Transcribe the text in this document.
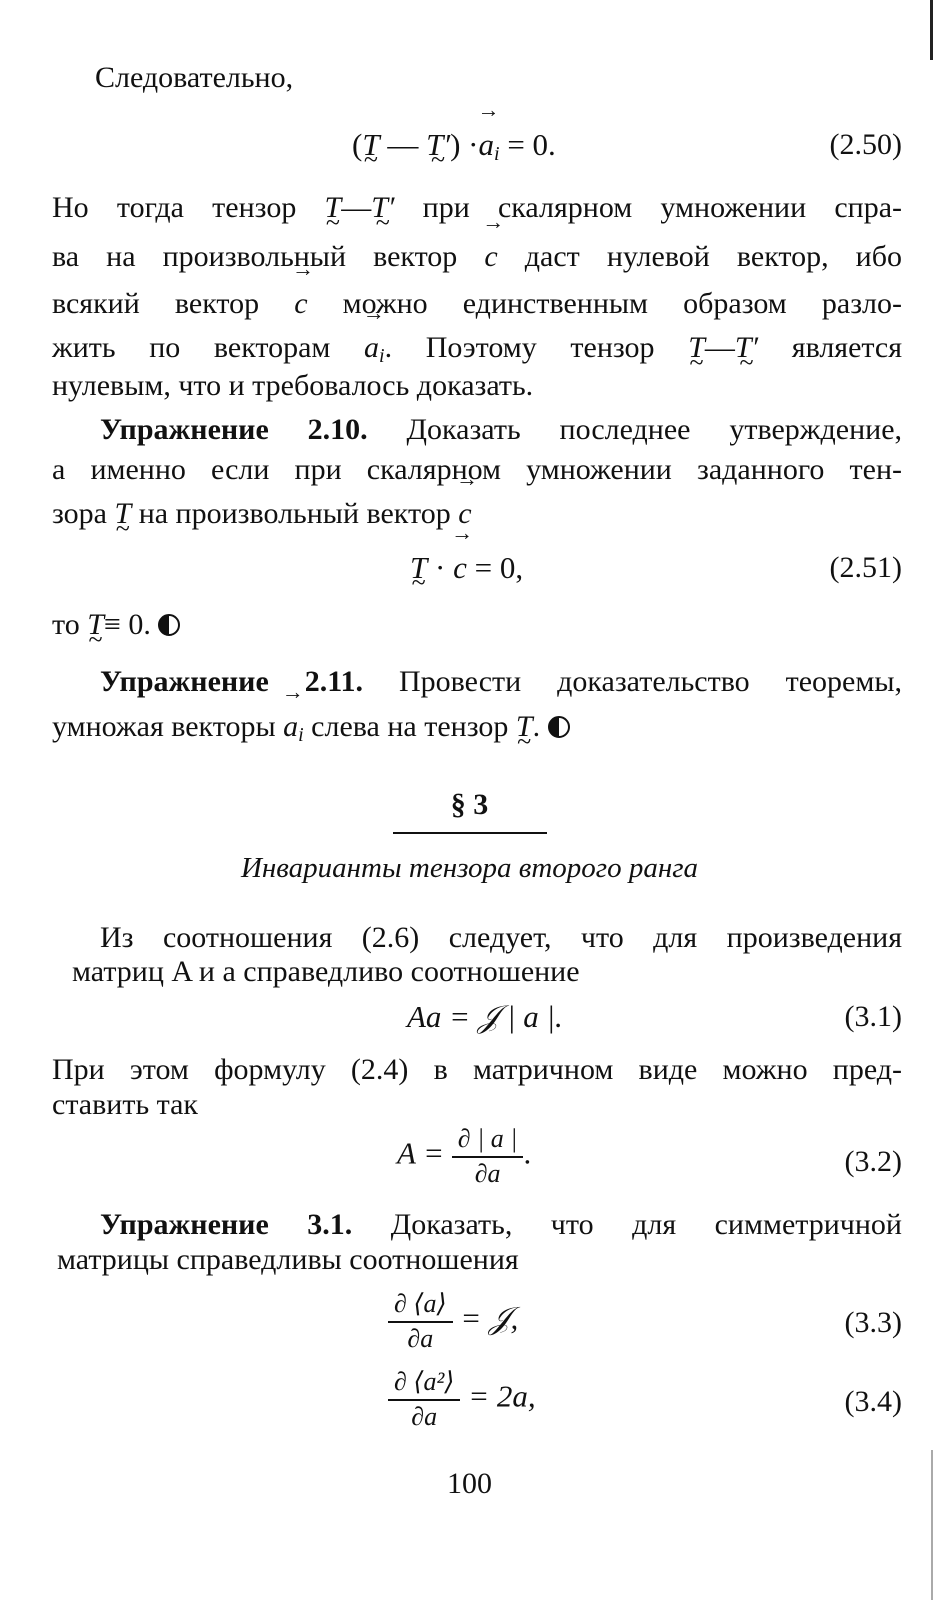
Следовательно,
(T ~ — T′ ~) ·→ $a_i = 0$.	(2.50)
Но тогда тензор T ~—T′ ~ при скалярном умножении спра-
ва на произвольный вектор → c даст нулевой вектор, ибо
всякий вектор → c можно единственным образом разло-
жить по векторам → $a_i$. Поэтому тензор T ~—T′ ~ является
нулевым, что и требовалось доказать.
Упражнение 2.10. Доказать последнее утверждение,
а именно если при скалярном умножении заданного тен-
зора T ~ на произвольный вектор → c
T ~ · → c = 0,	(2.51)
то T ~≡ 0.
Упражнение 2.11. Провести доказательство теоремы,
умножая векторы → $a_i$ слева на тензор T ~.
§ 3
Инварианты тензора второго ранга
Из соотношения (2.6) следует, что для произведения
матриц A и a справедливо соотношение
Aa = 𝒥 | a |.	(3.1)
При этом формулу (2.4) в матричном виде можно пред-
ставить так
$A = \frac{\partial | a |}{\partial a}$ .	(3.2)
Упражнение 3.1. Доказать, что для симметричной
матрицы справедливы соотношения
$\frac{\partial ⟨a⟩}{\partial a}$ = 𝒥,	(3.3)
$\frac{\text{∂ ⟨a²⟩}}{\partial a} = 2a$,	(3.4)
100
